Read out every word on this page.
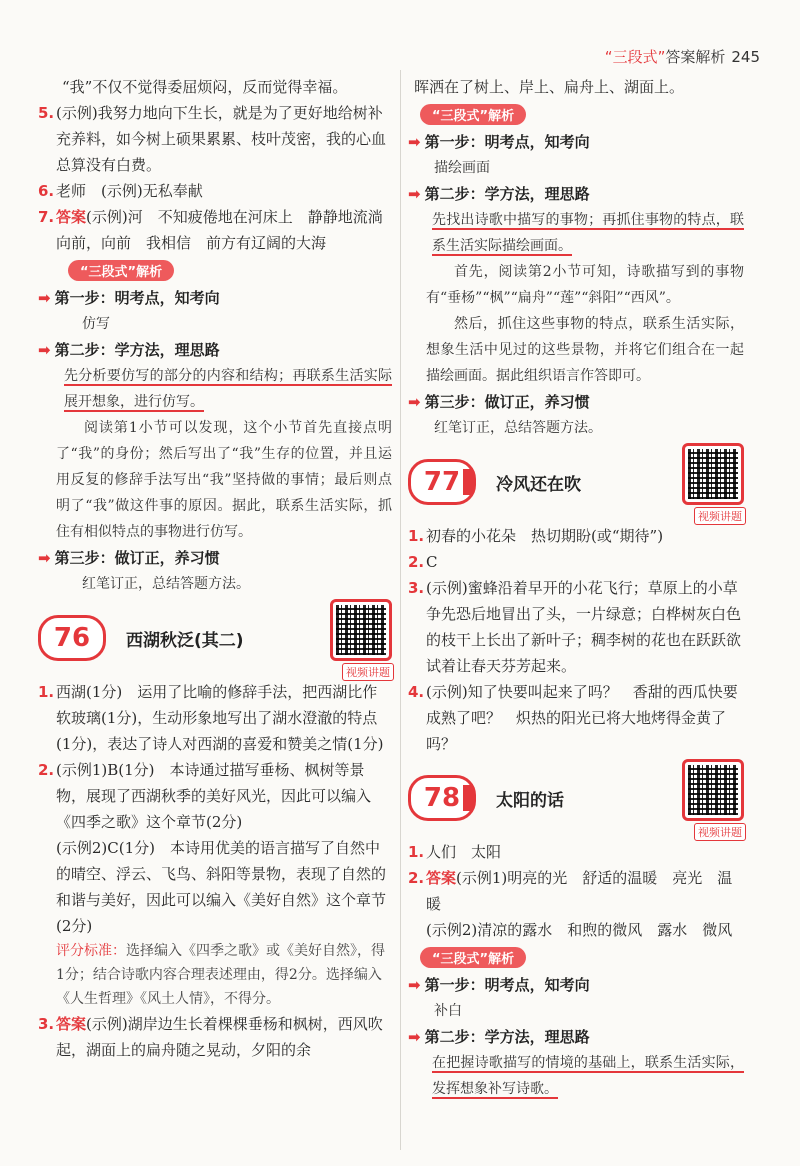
“三段式”答案解析 245

“我”不仅不觉得委屈烦闷，反而觉得幸福。

5. (示例)我努力地向下生长，就是为了更好地给树补充养料，如今树上硕果累累、枝叶茂密，我的心血总算没有白费。
6. 老师　(示例)无私奉献
7. 答案(示例)河　不知疲倦地在河床上　静静地流淌　向前，向前　我相信　前方有辽阔的大海
“三段式”解析
➡ 第一步：明考点，知考向
仿写
➡ 第二步：学方法，理思路
先分析要仿写的部分的内容和结构；再联系生活实际展开想象，进行仿写。
阅读第1小节可以发现，这个小节首先直接点明了“我”的身份；然后写出了“我”生存的位置，并且运用反复的修辞手法写出“我”坚持做的事情；最后则点明了“我”做这件事的原因。据此，联系生活实际，抓住有相似特点的事物进行仿写。
➡ 第三步：做订正，养习惯
红笔订正，总结答题方法。
76	西湖秋泛(其二)
视频讲题
1. 西湖(1分)　运用了比喻的修辞手法，把西湖比作软玻璃(1分)，生动形象地写出了湖水澄澈的特点(1分)，表达了诗人对西湖的喜爱和赞美之情(1分)
2. (示例1)B(1分)　本诗通过描写垂杨、枫树等景物，展现了西湖秋季的美好风光，因此可以编入《四季之歌》这个章节(2分)
(示例2)C(1分)　本诗用优美的语言描写了自然中的晴空、浮云、飞鸟、斜阳等景物，表现了自然的和谐与美好，因此可以编入《美好自然》这个章节(2分)
评分标准：选择编入《四季之歌》或《美好自然》，得1分；结合诗歌内容合理表述理由，得2分。选择编入《人生哲理》《风土人情》，不得分。
3. 答案(示例)湖岸边生长着棵棵垂杨和枫树，西风吹起，湖面上的扁舟随之晃动，夕阳的余

晖洒在了树上、岸上、扁舟上、湖面上。

“三段式”解析
➡ 第一步：明考点，知考向
描绘画面
➡ 第二步：学方法，理思路
先找出诗歌中描写的事物；再抓住事物的特点，联系生活实际描绘画面。
首先，阅读第2小节可知，诗歌描写到的事物有“垂杨”“枫”“扁舟”“莲”“斜阳”“西风”。
然后，抓住这些事物的特点，联系生活实际，想象生活中见过的这些景物，并将它们组合在一起描绘画面。据此组织语言作答即可。
➡ 第三步：做订正，养习惯
红笔订正，总结答题方法。
77	冷风还在吹
视频讲题
1. 初春的小花朵　热切期盼(或“期待”)
2. C
3. (示例)蜜蜂沿着早开的小花飞行；草原上的小草争先恐后地冒出了头，一片绿意；白桦树灰白色的枝干上长出了新叶子；稠李树的花也在跃跃欲试着让春天芬芳起来。
4. (示例)知了快要叫起来了吗？　香甜的西瓜快要成熟了吧？　炽热的阳光已将大地烤得金黄了吗？
78	太阳的话
视频讲题
1. 人们　太阳
2. 答案(示例1)明亮的光　舒适的温暖　亮光　温暖
(示例2)清凉的露水　和煦的微风　露水　微风
“三段式”解析
➡ 第一步：明考点，知考向
补白
➡ 第二步：学方法，理思路
在把握诗歌描写的情境的基础上，联系生活实际，发挥想象补写诗歌。
